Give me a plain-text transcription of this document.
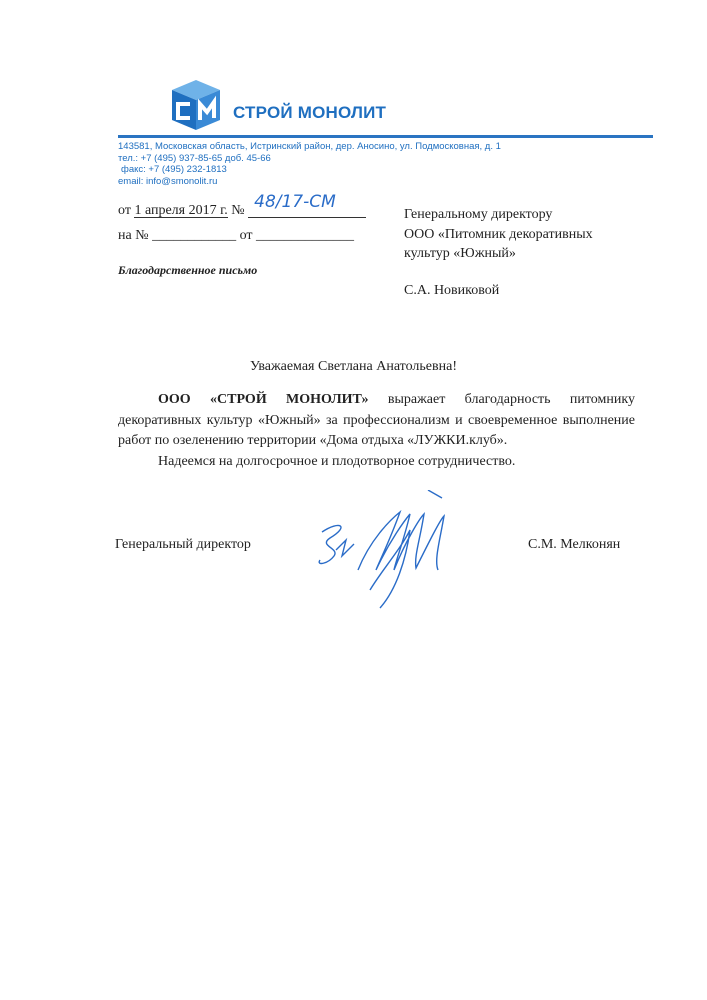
СТРОЙ МОНОЛИТ
143581, Московская область, Истринский район, дер. Аносино, ул. Подмосковная, д. 1
тел.: +7 (495) 937-85-65 доб. 45-66
факс: +7 (495) 232-1813
email: info@smonolit.ru
от 1 апреля 2017 г. № 48/17-СМ

на № ____________ от ______________
Благодарственное письмо
Генеральному директору
ООО «Питомник декоративных
культур «Южный»
С.А. Новиковой
Уважаемая Светлана Анатольевна!

ООО «СТРОЙ МОНОЛИТ» выражает благодарность питомнику декоративных культур «Южный» за профессионализм и своевременное выполнение работ по озеленению территории «Дома отдыха «ЛУЖКИ.клуб».

Надеемся на долгосрочное и плодотворное сотрудничество.

Генеральный директор	С.М. Мелконян
